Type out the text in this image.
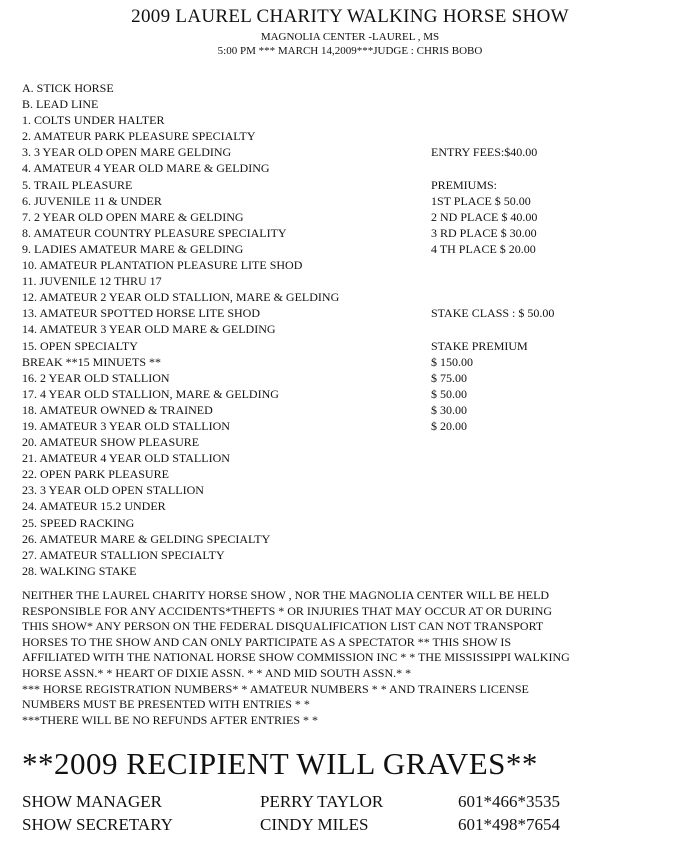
2009 LAUREL CHARITY WALKING HORSE SHOW
MAGNOLIA CENTER -LAUREL , MS
5:00 PM *** MARCH 14,2009***JUDGE : CHRIS BOBO
A. STICK HORSE
B. LEAD LINE
1. COLTS UNDER HALTER
2. AMATEUR PARK PLEASURE SPECIALTY
3. 3 YEAR OLD OPEN MARE GELDING
4. AMATEUR 4 YEAR OLD MARE & GELDING
5. TRAIL PLEASURE
6. JUVENILE 11 & UNDER
7. 2 YEAR OLD OPEN MARE & GELDING
8. AMATEUR COUNTRY PLEASURE SPECIALITY
9. LADIES AMATEUR MARE & GELDING
10. AMATEUR PLANTATION PLEASURE LITE SHOD
11. JUVENILE 12 THRU 17
12. AMATEUR 2 YEAR OLD STALLION, MARE & GELDING
13. AMATEUR SPOTTED HORSE LITE SHOD
14. AMATEUR 3 YEAR OLD MARE & GELDING
15. OPEN SPECIALTY
BREAK **15 MINUETS **
16. 2 YEAR OLD STALLION
17. 4 YEAR OLD STALLION, MARE & GELDING
18. AMATEUR OWNED & TRAINED
19. AMATEUR 3 YEAR OLD STALLION
20. AMATEUR SHOW PLEASURE
21. AMATEUR 4 YEAR OLD STALLION
22. OPEN PARK PLEASURE
23. 3 YEAR OLD OPEN STALLION
24. AMATEUR 15.2 UNDER
25. SPEED RACKING
26. AMATEUR MARE & GELDING SPECIALTY
27. AMATEUR STALLION SPECIALTY
28. WALKING STAKE
ENTRY FEES:$40.00
PREMIUMS:
1ST PLACE $ 50.00
2 ND PLACE $ 40.00
3 RD PLACE $ 30.00
4 TH PLACE $ 20.00
STAKE CLASS : $ 50.00
STAKE PREMIUM
$ 150.00
$ 75.00
$ 50.00
$ 30.00
$ 20.00
NEITHER THE LAUREL CHARITY HORSE SHOW , NOR THE MAGNOLIA CENTER WILL BE HELD
RESPONSIBLE FOR ANY ACCIDENTS*THEFTS * OR INJURIES THAT MAY OCCUR AT OR DURING
THIS SHOW* ANY PERSON ON THE FEDERAL DISQUALIFICATION LIST CAN NOT TRANSPORT
HORSES TO THE SHOW AND CAN ONLY PARTICIPATE AS A SPECTATOR ** THIS SHOW IS
AFFILIATED WITH THE NATIONAL HORSE SHOW COMMISSION INC * * THE MISSISSIPPI WALKING
HORSE ASSN.* * HEART OF DIXIE ASSN. * * AND MID SOUTH ASSN.* *
*** HORSE REGISTRATION NUMBERS* * AMATEUR NUMBERS * * AND TRAINERS LICENSE
NUMBERS MUST BE PRESENTED WITH ENTRIES * *
***THERE WILL BE NO REFUNDS AFTER ENTRIES * *
**2009 RECIPIENT WILL GRAVES**
SHOW MANAGER	PERRY TAYLOR	601*466*3535
SHOW SECRETARY	CINDY MILES	601*498*7654
